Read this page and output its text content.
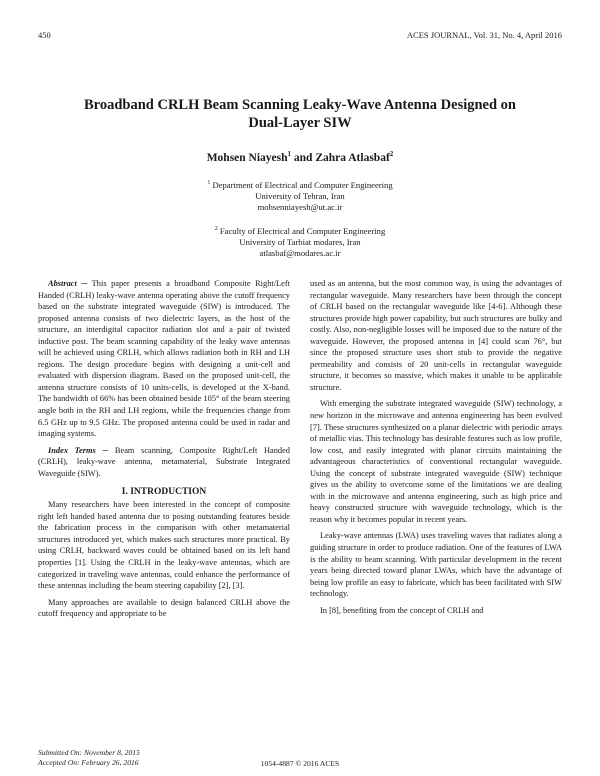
450	ACES JOURNAL, Vol. 31, No. 4, April 2016
Broadband CRLH Beam Scanning Leaky-Wave Antenna Designed on Dual-Layer SIW
Mohsen Niayesh$^1$ and Zahra Atlasbaf$^2$
$^1$ Department of Electrical and Computer Engineering
University of Tehran, Iran
mohsenniayesh@ut.ac.ir
$^2$ Faculty of Electrical and Computer Engineering
University of Tarbiat modares, Iran
atlasbaf@modares.ac.ir

Abstract ─ This paper presents a broadband Composite Right/Left Handed (CRLH) leaky-wave antenna operating above the cutoff frequency based on the substrate integrated waveguide (SIW) is introduced. The proposed antenna consists of two dielectric layers, as the host of the structure, an interdigital capacitor radiation slot and a pair of twisted inductive post. The beam scanning capability of the leaky wave antennas will be achieved using CRLH, which allows radiation both in RH and LH regions. The design procedure begins with designing a unit-cell and evaluated with dispersion diagram. Based on the proposed unit-cell, the antenna structure consists of 10 units-cells, is developed at the X-band. The bandwidth of 66% has been obtained beside 105° of the beam steering angle both in the RH and LH regions, while the frequencies change from 6.5 GHz up to 9.5 GHz. The proposed antenna could be used in radar and imaging systems.

Index Terms ─ Beam scanning, Composite Right/Left Handed (CRLH), leaky-wave antenna, metamaterial, Substrate Integrated Waveguide (SIW).

I. INTRODUCTION

Many researchers have been interested in the concept of composite right left handed based antenna due to posing outstanding features beside the fabrication process in the comparison with other metamaterial structures introduced yet, which makes such structures more practical. By using CRLH, backward waves could be obtained based on its left hand properties [1]. Using the CRLH in the leaky-wave antennas, which are categorized in traveling wave antennas, could enhance the performance of these antennas including the beam steering capability [2], [3].

Many approaches are available to design balanced CRLH above the cutoff frequency and appropriate to be

used as an antenna, but the most common way, is using the advantages of rectangular waveguide. Many researchers have been through the concept of CRLH based on the rectangular waveguide like [4-6]. Although these structures provide high power capability, but such structures are bulky and costly. Also, non-negligible losses will be imposed due to the nature of the waveguide. However, the proposed antenna in [4] could scan 76°, but since the proposed structure uses short stub to provide the negative permeability and consists of 20 unit-cells in rectangular waveguide structure, it becomes so massive, which makes it unable to be applicable structure.

With emerging the substrate integrated waveguide (SIW) technology, a new horizon in the microwave and antenna engineering has been evolved [7]. These structures synthesized on a planar dielectric with periodic arrays of metallic vias. This technology has desirable features such as low profile, low cost, and easily integrated with planar circuits maintaining the advantageous characteristics of conventional rectangular waveguide. Using the concept of substrate integrated waveguide (SIW) technique gives us the ability to overcome some of the limitations we are dealing with in the microwave and antenna engineering, such as high price and heavy constructed structure with waveguide technology, which is the reason why it becomes popular in recent years.

Leaky-wave antennas (LWA) uses traveling waves that radiates along a guiding structure in order to produce radiation. One of the features of LWA is the ability to beam scanning. With particular development in the recent years being directed toward planar LWAs, which have the advantage of being low profile an easy to fabricate, which has been facilitated with SIW technology.

In [8], benefiting from the concept of CRLH and

Submitted On: November 8, 2015
Accepted On: February 26, 2016	1054-4887 © 2016 ACES
